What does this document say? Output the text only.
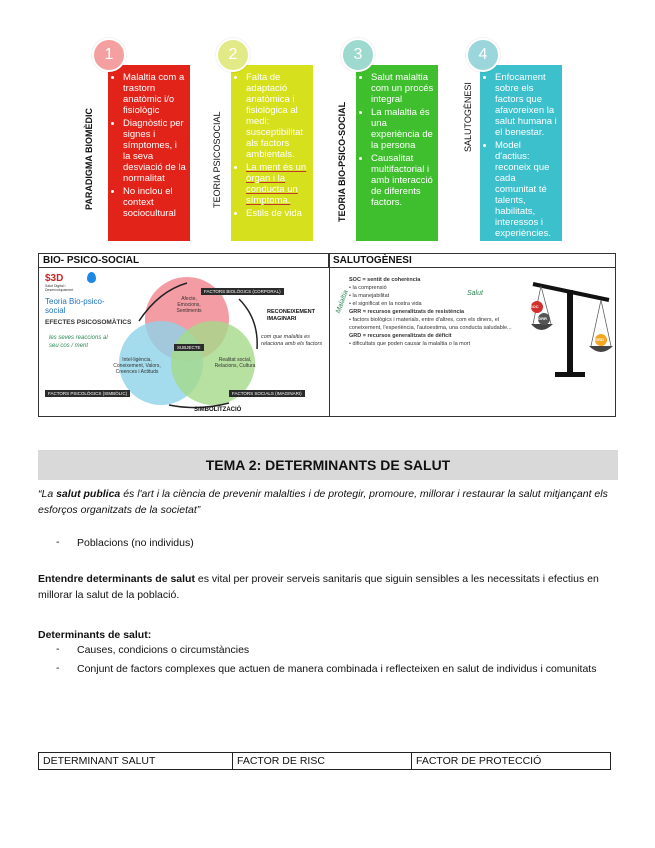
1
PARADIGMA BIOMÈDIC
• Malaltia com a trastorn anatòmic i/o fisiològic
• Diagnòstic per signes i símptomes, i la seva desviació de la normalitat
• No inclou el context sociocultural
2
TEORIA PSICOSOCIAL
• Falta de adaptació anatòmica i fisiològica al medi: susceptibilitat als factors ambientals.
• La ment és un òrgan i la conducta un símptoma.
• Estils de vida
3
TEORIA BIO-PSICO-SOCIAL
• Salut malaltia com un procés integral
• La malaltia és una experiència de la persona
• Causalitat multifactorial i amb interacció de diferents factors.
4
SALUTOGÈNESI
• Enfocament sobre els factors que afavoreixen la salut humana i el benestar.
• Model d'actius: reconeix que cada comunitat té talents, habilitats, interessos i experiències.
BIO- PSICO-SOCIAL	SALUTOGÈNESI
$3D
Salut Digital i Desenvolupament
Teoria Bio-psico-social
EFECTES PSICOSOMÀTICS
les seves reaccions al seu cos / ment
Afecte, Emocions, Sentiments
Intel·ligència, Coneixement, Valors, Creences i Actituds
Realitat social, Relacions, Cultura
FACTORS BIOLÒGICS (CORPORAL)
RECONEIXEMENT IMAGINARI
com que malaltia es relaciona amb els factors
SUBJECTE
FACTORS PSICOLÒGICS (SIMBÒLIC)	FACTORS SOCIALS (IMAGINARI)
SIMBOLITZACIÓ
SOC = sentit de coherència
• la comprensió
• la manejabilitat
• el significat en la nostra vida
GRR = recursos generalitzats de resistència
• factors biològics i materials, entre d'altres, com els diners, el coneixement, l'experiència, l'autoestima, una conducta saludable...
GRD = recursos generalitzats de dèficit
• dificultats que poden causar la malaltia o la mort
Salut
Malaltia	SOC
GRR
GRD
TEMA 2: DETERMINANTS DE SALUT
“La salut publica és l'art i la ciència de prevenir malalties i de protegir, promoure, millorar i restaurar la salut mitjançant els esforços organitzats de la societat”
- Poblacions (no individus)
Entendre determinants de salut es vital per proveir serveis sanitaris que siguin sensibles a les necessitats i efectius en millorar la salut de la població.
Determinants de salut:
- Causes, condicions o circumstàncies
- Conjunt de factors complexes que actuen de manera combinada i reflecteixen en salut de individus i comunitats
DETERMINANT SALUT	FACTOR DE RISC	FACTOR DE PROTECCIÓ
